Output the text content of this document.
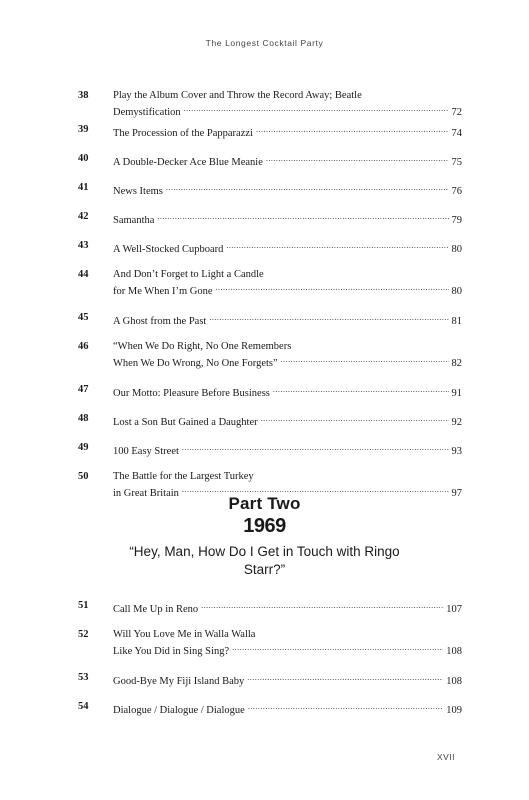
The Longest Cocktail Party
38	Play the Album Cover and Throw the Record Away; Beatle
Demystification .....	72
39	The Procession of the Papparazzi .....	74
40	A Double-Decker Ace Blue Meanie .....	75
41	News Items .....	76
42	Samantha .....	79
43	A Well-Stocked Cupboard .....	80
44	And Don’t Forget to Light a Candle
for Me When I’m Gone .....	80
45	A Ghost from the Past .....	81
46	“When We Do Right, No One Remembers
When We Do Wrong, No One Forgets” .....	82
47	Our Motto: Pleasure Before Business .....	91
48	Lost a Son But Gained a Daughter .....	92
49	100 Easy Street .....	93
50	The Battle for the Largest Turkey
in Great Britain .....	97
Part Two
1969
“Hey, Man, How Do I Get in Touch with Ringo Starr?”
51	Call Me Up in Reno .....	107
52	Will You Love Me in Walla Walla
Like You Did in Sing Sing? .....	108
53	Good-Bye My Fiji Island Baby .....	108
54	Dialogue / Dialogue / Dialogue .....	109
XVII
